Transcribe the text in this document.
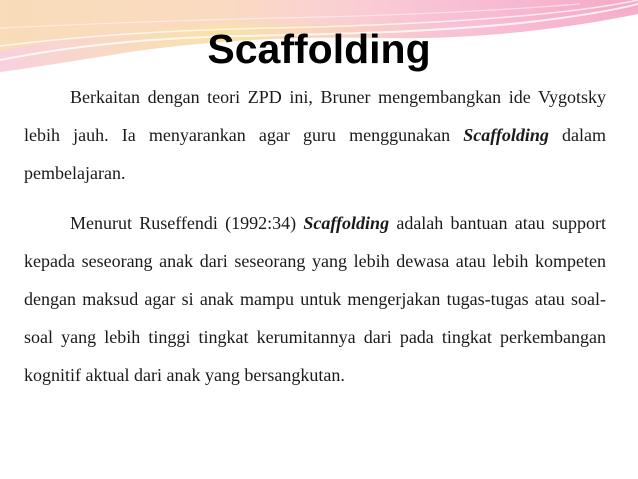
Scaffolding

Berkaitan dengan teori ZPD ini, Bruner mengembangkan ide Vygotsky lebih jauh. Ia menyarankan agar guru menggunakan Scaffolding dalam pembelajaran.

Menurut Ruseffendi (1992:34) Scaffolding adalah bantuan atau support kepada seseorang anak dari seseorang yang lebih dewasa atau lebih kompeten dengan maksud agar si anak mampu untuk mengerjakan tugas-tugas atau soal-soal yang lebih tinggi tingkat kerumitannya dari pada tingkat perkembangan kognitif aktual dari anak yang bersangkutan.
